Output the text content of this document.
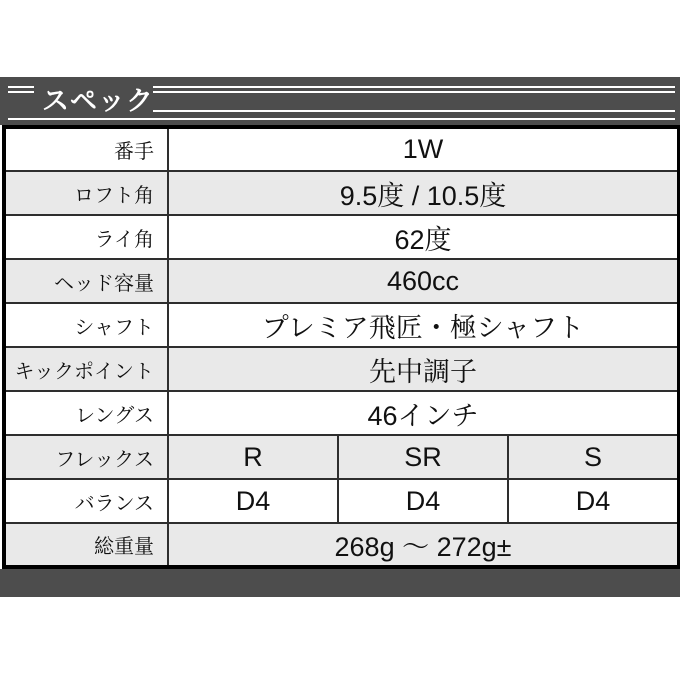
スペック
番手	1W		
ロフト角	9.5度 / 10.5度		
ライ角	62度		
ヘッド容量	460cc		
シャフト	プレミア飛匠・極シャフト		
キックポイント	先中調子		
レングス	46インチ		
フレックス	R	SR	S
バランス	D4	D4	D4
総重量	268g ～ 272g±		
